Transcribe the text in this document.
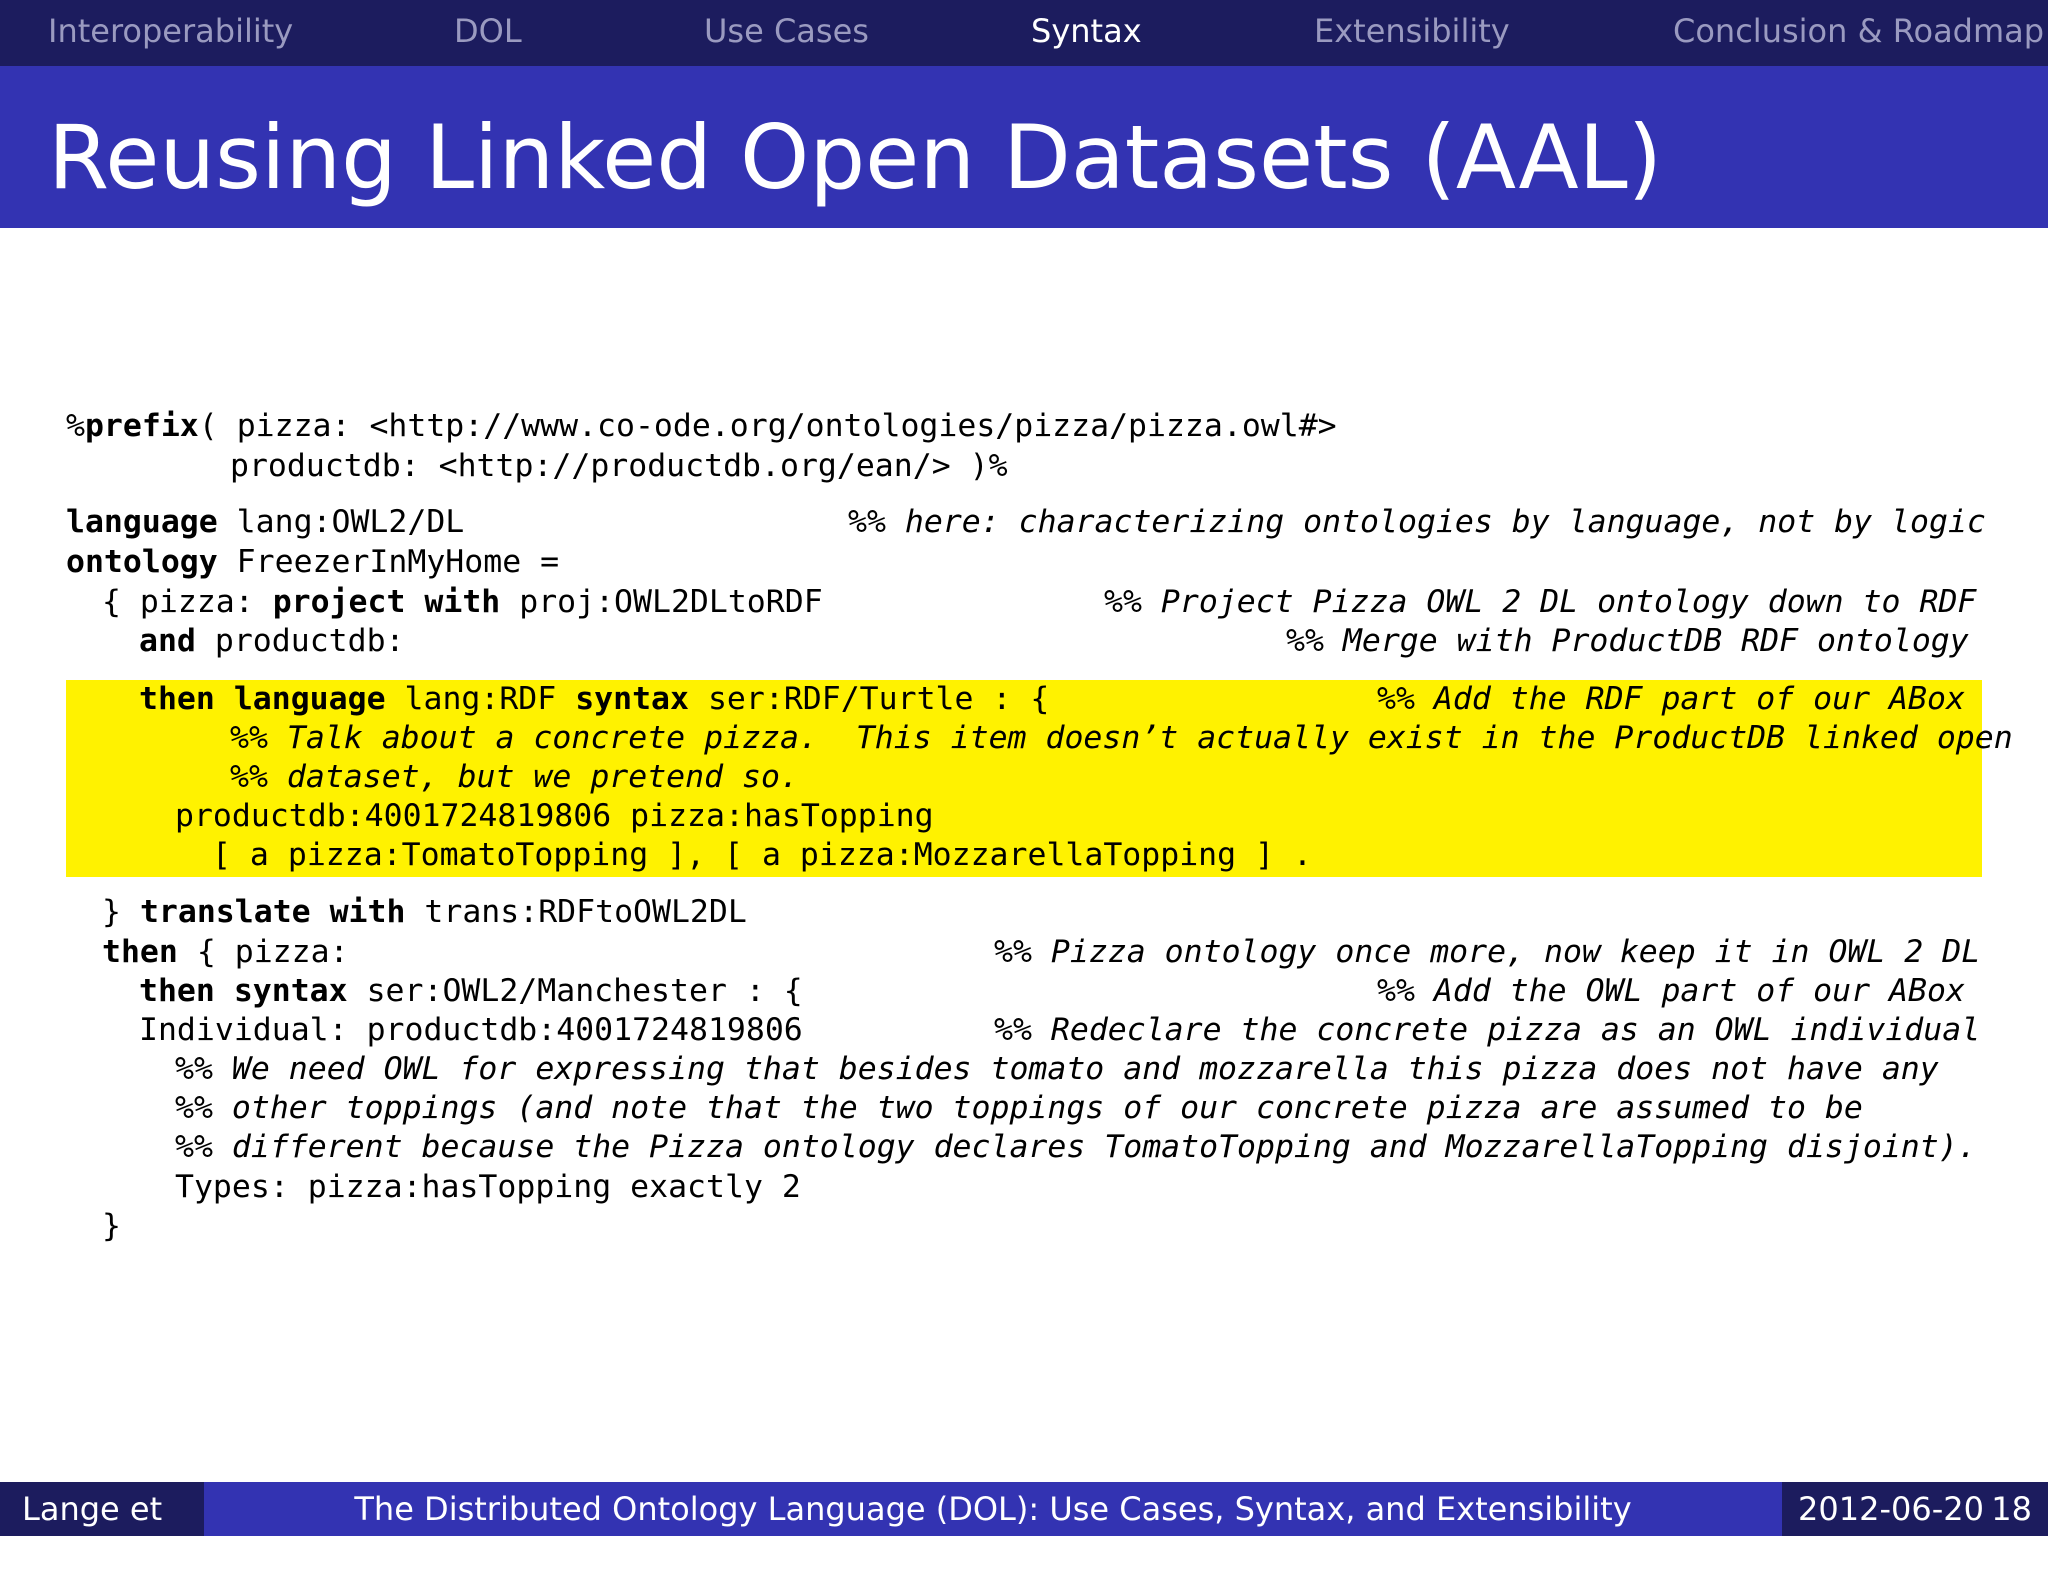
Interoperability	DOL	Use Cases	Syntax	Extensibility	Conclusion & Roadmap
Reusing Linked Open Datasets (AAL)
%prefix( pizza: <http://www.co-ode.org/ontologies/pizza/pizza.owl#>
productdb: <http://productdb.org/ean/> )%
language lang:OWL2/DL	%% here: characterizing ontologies by language, not by logic
ontology FreezerInMyHome =
{ pizza: project with proj:OWL2DLtoRDF	%% Project Pizza OWL 2 DL ontology down to RDF
and productdb:	%% Merge with ProductDB RDF ontology
then language lang:RDF syntax ser:RDF/Turtle : {	%% Add the RDF part of our ABox
%% Talk about a concrete pizza.  This item doesn’t actually exist in the ProductDB linked open
%% dataset, but we pretend so.
productdb:4001724819806 pizza:hasTopping
[ a pizza:TomatoTopping ], [ a pizza:MozzarellaTopping ] .
} translate with trans:RDFtoOWL2DL
then { pizza:	%% Pizza ontology once more, now keep it in OWL 2 DL
then syntax ser:OWL2/Manchester : {	%% Add the OWL part of our ABox
Individual: productdb:4001724819806	%% Redeclare the concrete pizza as an OWL individual
%% We need OWL for expressing that besides tomato and mozzarella this pizza does not have any
%% other toppings (and note that the two toppings of our concrete pizza are assumed to be
%% different because the Pizza ontology declares TomatoTopping and MozzarellaTopping disjoint).
Types: pizza:hasTopping exactly 2
}
Lange et al.
The Distributed Ontology Language (DOL): Use Cases, Syntax, and Extensibility	2012-06-20 18
